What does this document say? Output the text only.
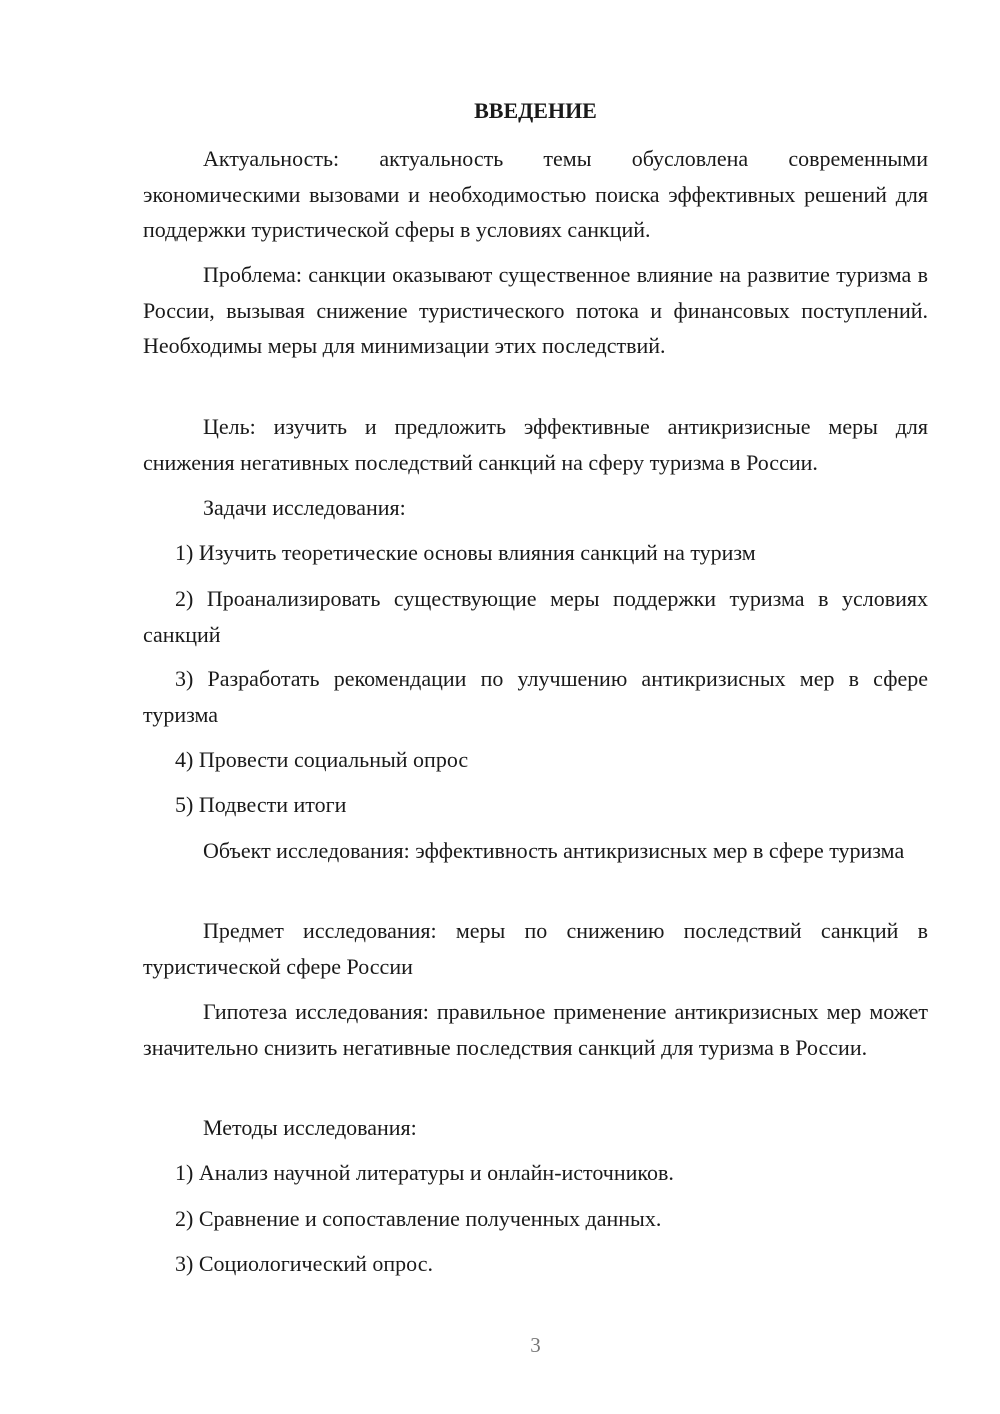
ВВЕДЕНИЕ

Актуальность: актуальность темы обусловлена современными экономическими вызовами и необходимостью поиска эффективных решений для поддержки туристической сферы в условиях санкций.

Проблема: санкции оказывают существенное влияние на развитие туризма в России, вызывая снижение туристического потока и финансовых поступлений. Необходимы меры для минимизации этих последствий.

Цель: изучить и предложить эффективные антикризисные меры для снижения негативных последствий санкций на сферу туризма в России.

Задачи исследования:

1) Изучить теоретические основы влияния санкций на туризм

2) Проанализировать существующие меры поддержки туризма в условиях санкций

3) Разработать рекомендации по улучшению антикризисных мер в сфере туризма

4) Провести социальный опрос

5) Подвести итоги

Объект исследования: эффективность антикризисных мер в сфере туризма

Предмет исследования: меры по снижению последствий санкций в туристической сфере России

Гипотеза исследования: правильное применение антикризисных мер может значительно снизить негативные последствия санкций для туризма в России.

Методы исследования:

1) Анализ научной литературы и онлайн-источников.

2) Сравнение и сопоставление полученных данных.

3) Социологический опрос.

3
